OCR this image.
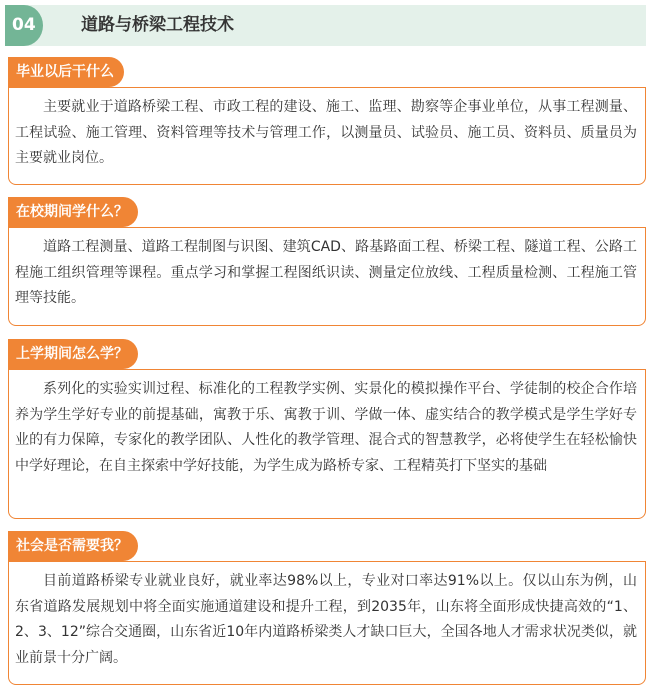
04	道路与桥梁工程技术
毕业以后干什么

主要就业于道路桥梁工程、市政工程的建设、施工、监理、勘察等企事业单位，从事工程测量、工程试验、施工管理、资料管理等技术与管理工作，以测量员、试验员、施工员、资料员、质量员为主要就业岗位。

在校期间学什么？

道路工程测量、道路工程制图与识图、建筑CAD、路基路面工程、桥梁工程、隧道工程、公路工程施工组织管理等课程。重点学习和掌握工程图纸识读、测量定位放线、工程质量检测、工程施工管理等技能。

上学期间怎么学？

系列化的实验实训过程、标准化的工程教学实例、实景化的模拟操作平台、学徒制的校企合作培养为学生学好专业的前提基础，寓教于乐、寓教于训、学做一体、虚实结合的教学模式是学生学好专业的有力保障，专家化的教学团队、人性化的教学管理、混合式的智慧教学，必将使学生在轻松愉快中学好理论，在自主探索中学好技能，为学生成为路桥专家、工程精英打下坚实的基础

社会是否需要我？

目前道路桥梁专业就业良好，就业率达98%以上，专业对口率达91%以上。仅以山东为例，山东省道路发展规划中将全面实施通道建设和提升工程，到2035年，山东将全面形成快捷高效的“1、2、3、12”综合交通圈，山东省近10年内道路桥梁类人才缺口巨大，全国各地人才需求状况类似，就业前景十分广阔。
